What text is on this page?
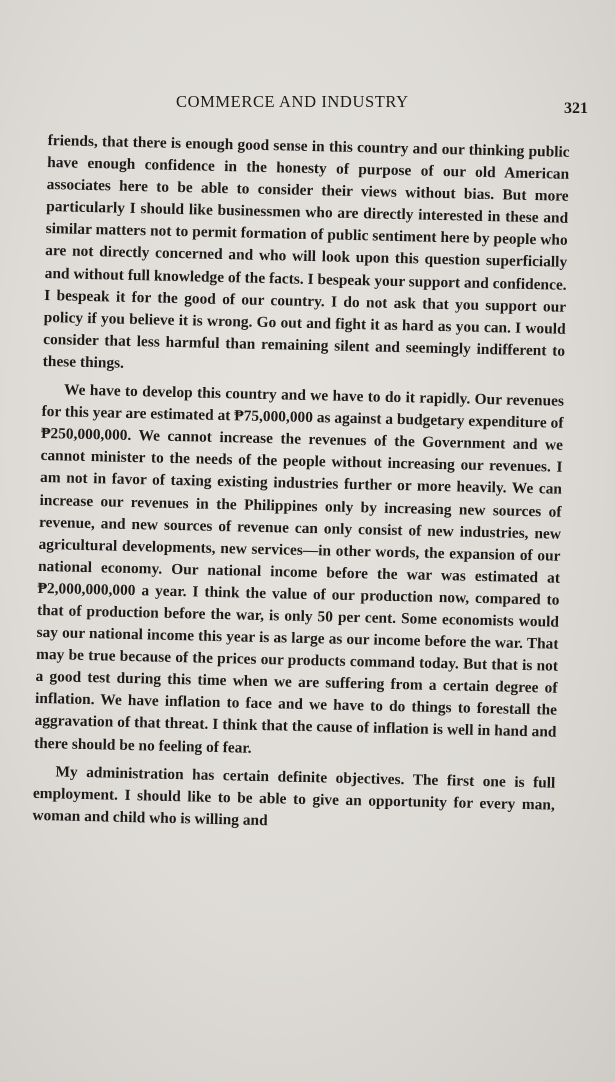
COMMERCE AND INDUSTRY	321

friends, that there is enough good sense in this country and our thinking public have enough confidence in the honesty of purpose of our old American associates here to be able to consider their views without bias. But more particularly I should like businessmen who are directly interested in these and similar matters not to permit formation of public sentiment here by people who are not directly concerned and who will look upon this question superficially and without full knowledge of the facts. I bespeak your support and confidence. I bespeak it for the good of our country. I do not ask that you support our policy if you believe it is wrong. Go out and fight it as hard as you can. I would consider that less harmful than remaining silent and seemingly indifferent to these things.

We have to develop this country and we have to do it rapidly. Our revenues for this year are estimated at ₱75,000,000 as against a budgetary expenditure of ₱250,000,000. We cannot increase the revenues of the Government and we cannot minister to the needs of the people without increasing our revenues. I am not in favor of taxing existing industries further or more heavily. We can increase our revenues in the Philippines only by increasing new sources of revenue, and new sources of revenue can only consist of new industries, new agricultural developments, new services—in other words, the expansion of our national economy. Our national income before the war was estimated at ₱2,000,000,000 a year. I think the value of our production now, compared to that of production before the war, is only 50 per cent. Some economists would say our national income this year is as large as our income before the war. That may be true because of the prices our products command today. But that is not a good test during this time when we are suffering from a certain degree of inflation. We have inflation to face and we have to do things to forestall the aggravation of that threat. I think that the cause of inflation is well in hand and there should be no feeling of fear.

My administration has certain definite objectives. The first one is full employment. I should like to be able to give an opportunity for every man, woman and child who is willing and
